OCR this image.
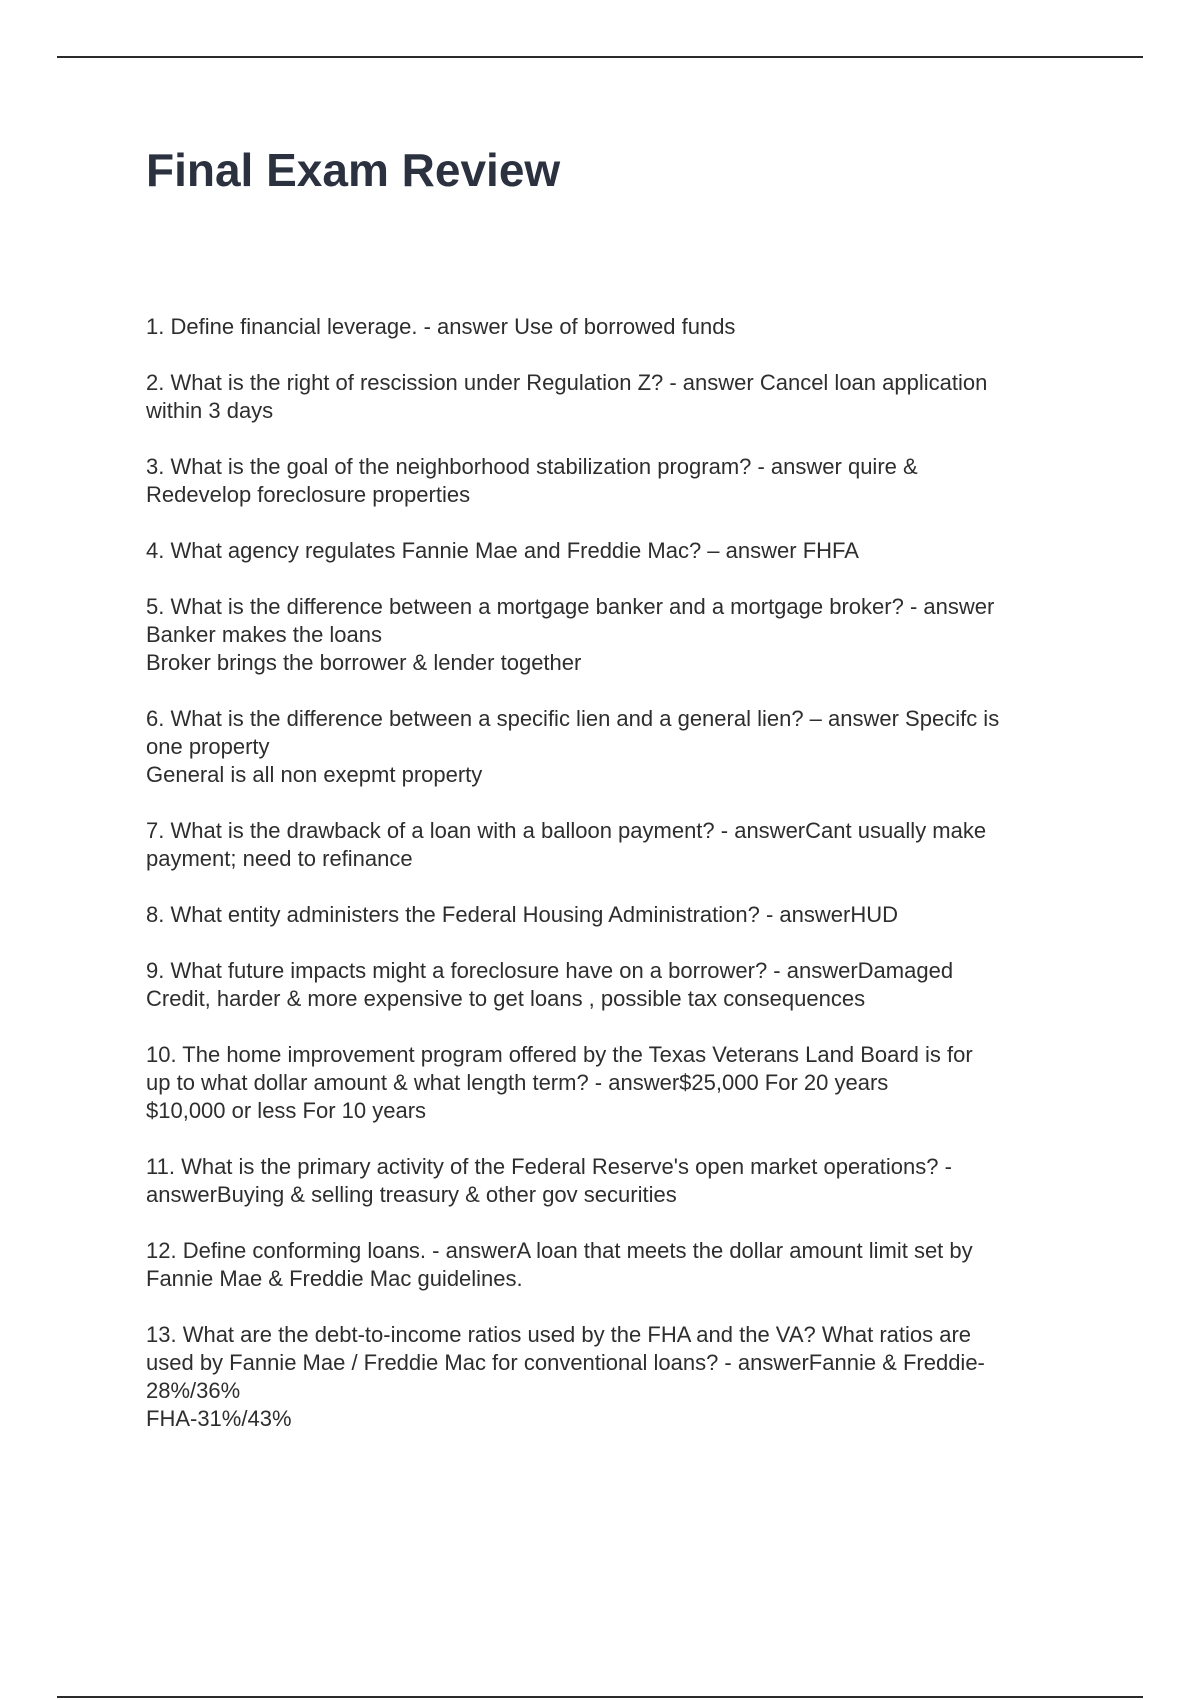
Final Exam Review
1. Define financial leverage. - answer Use of borrowed funds
2. What is the right of rescission under Regulation Z? - answer Cancel loan application
within 3 days
3. What is the goal of the neighborhood stabilization program? - answer quire &
Redevelop foreclosure properties
4. What agency regulates Fannie Mae and Freddie Mac? – answer FHFA
5. What is the difference between a mortgage banker and a mortgage broker? - answer
Banker makes the loans
Broker brings the borrower & lender together
6. What is the difference between a specific lien and a general lien? – answer Specifc is
one property
General is all non exepmt property
7. What is the drawback of a loan with a balloon payment? - answerCant usually make
payment; need to refinance
8. What entity administers the Federal Housing Administration? - answerHUD
9. What future impacts might a foreclosure have on a borrower? - answerDamaged
Credit, harder & more expensive to get loans , possible tax consequences
10. The home improvement program offered by the Texas Veterans Land Board is for
up to what dollar amount & what length term? - answer$25,000 For 20 years
$10,000 or less For 10 years
11. What is the primary activity of the Federal Reserve's open market operations? -
answerBuying & selling treasury & other gov securities
12. Define conforming loans. - answerA loan that meets the dollar amount limit set by
Fannie Mae & Freddie Mac guidelines.
13. What are the debt-to-income ratios used by the FHA and the VA? What ratios are
used by Fannie Mae / Freddie Mac for conventional loans? - answerFannie & Freddie-
28%/36%
FHA-31%/43%
